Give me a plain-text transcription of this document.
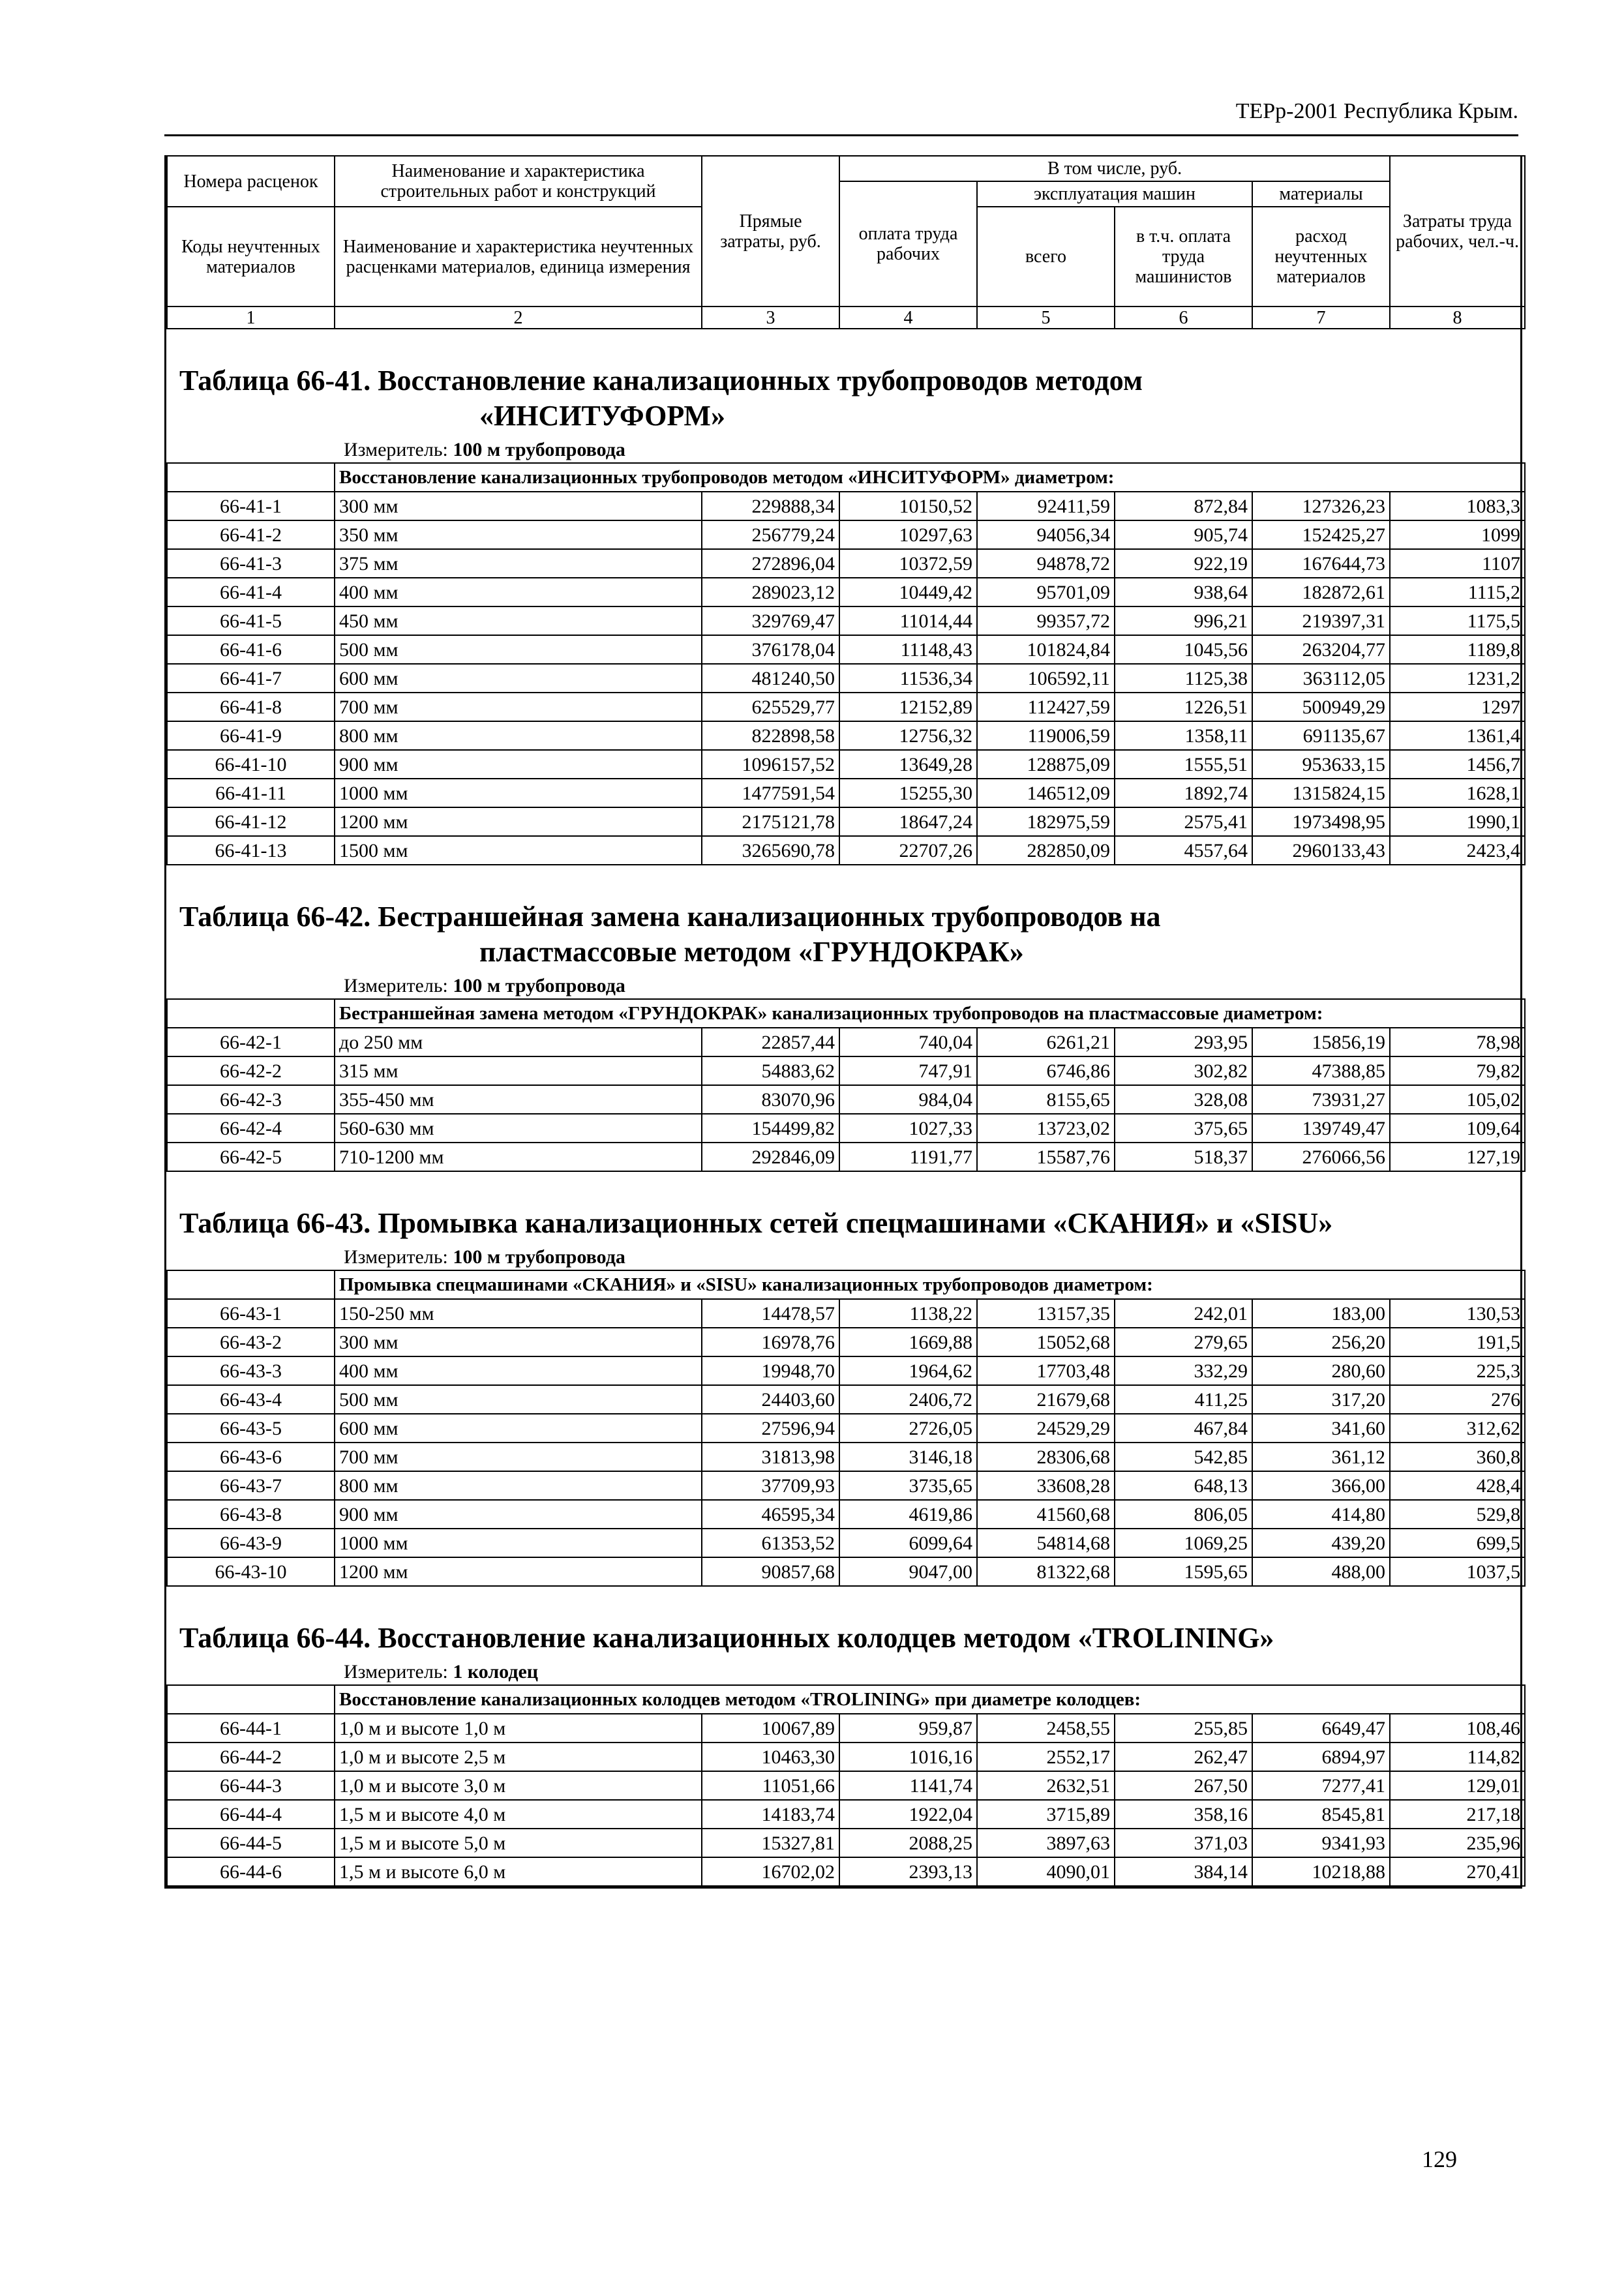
ТЕРр-2001 Республика Крым.
Номера расценок	Наименование и характеристика строительных работ и конструкций	Прямые затраты, руб.	В том числе, руб.				Затраты труда рабочих, чел.-ч.
			оплата труда рабочих	эксплуатация машин		материалы	
Коды неучтенных материалов	Наименование и характеристика неучтенных расценками материалов, единица измерения			всего	в т.ч. оплата труда машинистов	расход неучтенных материалов	

1	2	3	4	5	6	7	8
Таблица 66-41. Восстановление канализационных трубопроводов методом
«ИНСИТУФОРМ»
Измеритель: 100 м трубопровода
	Восстановление канализационных трубопроводов методом «ИНСИТУФОРМ» диаметром:						
66-41-1	300 мм	229888,34	10150,52	92411,59	872,84	127326,23	1083,3
66-41-2	350 мм	256779,24	10297,63	94056,34	905,74	152425,27	1099
66-41-3	375 мм	272896,04	10372,59	94878,72	922,19	167644,73	1107
66-41-4	400 мм	289023,12	10449,42	95701,09	938,64	182872,61	1115,2
66-41-5	450 мм	329769,47	11014,44	99357,72	996,21	219397,31	1175,5
66-41-6	500 мм	376178,04	11148,43	101824,84	1045,56	263204,77	1189,8
66-41-7	600 мм	481240,50	11536,34	106592,11	1125,38	363112,05	1231,2
66-41-8	700 мм	625529,77	12152,89	112427,59	1226,51	500949,29	1297
66-41-9	800 мм	822898,58	12756,32	119006,59	1358,11	691135,67	1361,4
66-41-10	900 мм	1096157,52	13649,28	128875,09	1555,51	953633,15	1456,7
66-41-11	1000 мм	1477591,54	15255,30	146512,09	1892,74	1315824,15	1628,1
66-41-12	1200 мм	2175121,78	18647,24	182975,59	2575,41	1973498,95	1990,1
66-41-13	1500 мм	3265690,78	22707,26	282850,09	4557,64	2960133,43	2423,4
Таблица 66-42. Бестраншейная замена канализационных трубопроводов на
пластмассовые методом «ГРУНДОКРАК»
Измеритель: 100 м трубопровода
	Бестраншейная замена методом «ГРУНДОКРАК» канализационных трубопроводов на пластмассовые диаметром:						
66-42-1	до 250 мм	22857,44	740,04	6261,21	293,95	15856,19	78,98
66-42-2	315 мм	54883,62	747,91	6746,86	302,82	47388,85	79,82
66-42-3	355-450 мм	83070,96	984,04	8155,65	328,08	73931,27	105,02
66-42-4	560-630 мм	154499,82	1027,33	13723,02	375,65	139749,47	109,64
66-42-5	710-1200 мм	292846,09	1191,77	15587,76	518,37	276066,56	127,19
Таблица 66-43. Промывка канализационных сетей спецмашинами «СКАНИЯ» и «SISU»
Измеритель: 100 м трубопровода
	Промывка спецмашинами «СКАНИЯ» и «SISU» канализационных трубопроводов диаметром:						
66-43-1	150-250 мм	14478,57	1138,22	13157,35	242,01	183,00	130,53
66-43-2	300 мм	16978,76	1669,88	15052,68	279,65	256,20	191,5
66-43-3	400 мм	19948,70	1964,62	17703,48	332,29	280,60	225,3
66-43-4	500 мм	24403,60	2406,72	21679,68	411,25	317,20	276
66-43-5	600 мм	27596,94	2726,05	24529,29	467,84	341,60	312,62
66-43-6	700 мм	31813,98	3146,18	28306,68	542,85	361,12	360,8
66-43-7	800 мм	37709,93	3735,65	33608,28	648,13	366,00	428,4
66-43-8	900 мм	46595,34	4619,86	41560,68	806,05	414,80	529,8
66-43-9	1000 мм	61353,52	6099,64	54814,68	1069,25	439,20	699,5
66-43-10	1200 мм	90857,68	9047,00	81322,68	1595,65	488,00	1037,5
Таблица 66-44. Восстановление канализационных колодцев методом «TROLINING»
Измеритель: 1 колодец
	Восстановление канализационных колодцев методом «TROLINING» при диаметре колодцев:						
66-44-1	1,0 м и высоте 1,0 м	10067,89	959,87	2458,55	255,85	6649,47	108,46
66-44-2	1,0 м и высоте 2,5 м	10463,30	1016,16	2552,17	262,47	6894,97	114,82
66-44-3	1,0 м и высоте 3,0 м	11051,66	1141,74	2632,51	267,50	7277,41	129,01
66-44-4	1,5 м и высоте 4,0 м	14183,74	1922,04	3715,89	358,16	8545,81	217,18
66-44-5	1,5 м и высоте 5,0 м	15327,81	2088,25	3897,63	371,03	9341,93	235,96
66-44-6	1,5 м и высоте 6,0 м	16702,02	2393,13	4090,01	384,14	10218,88	270,41
129
